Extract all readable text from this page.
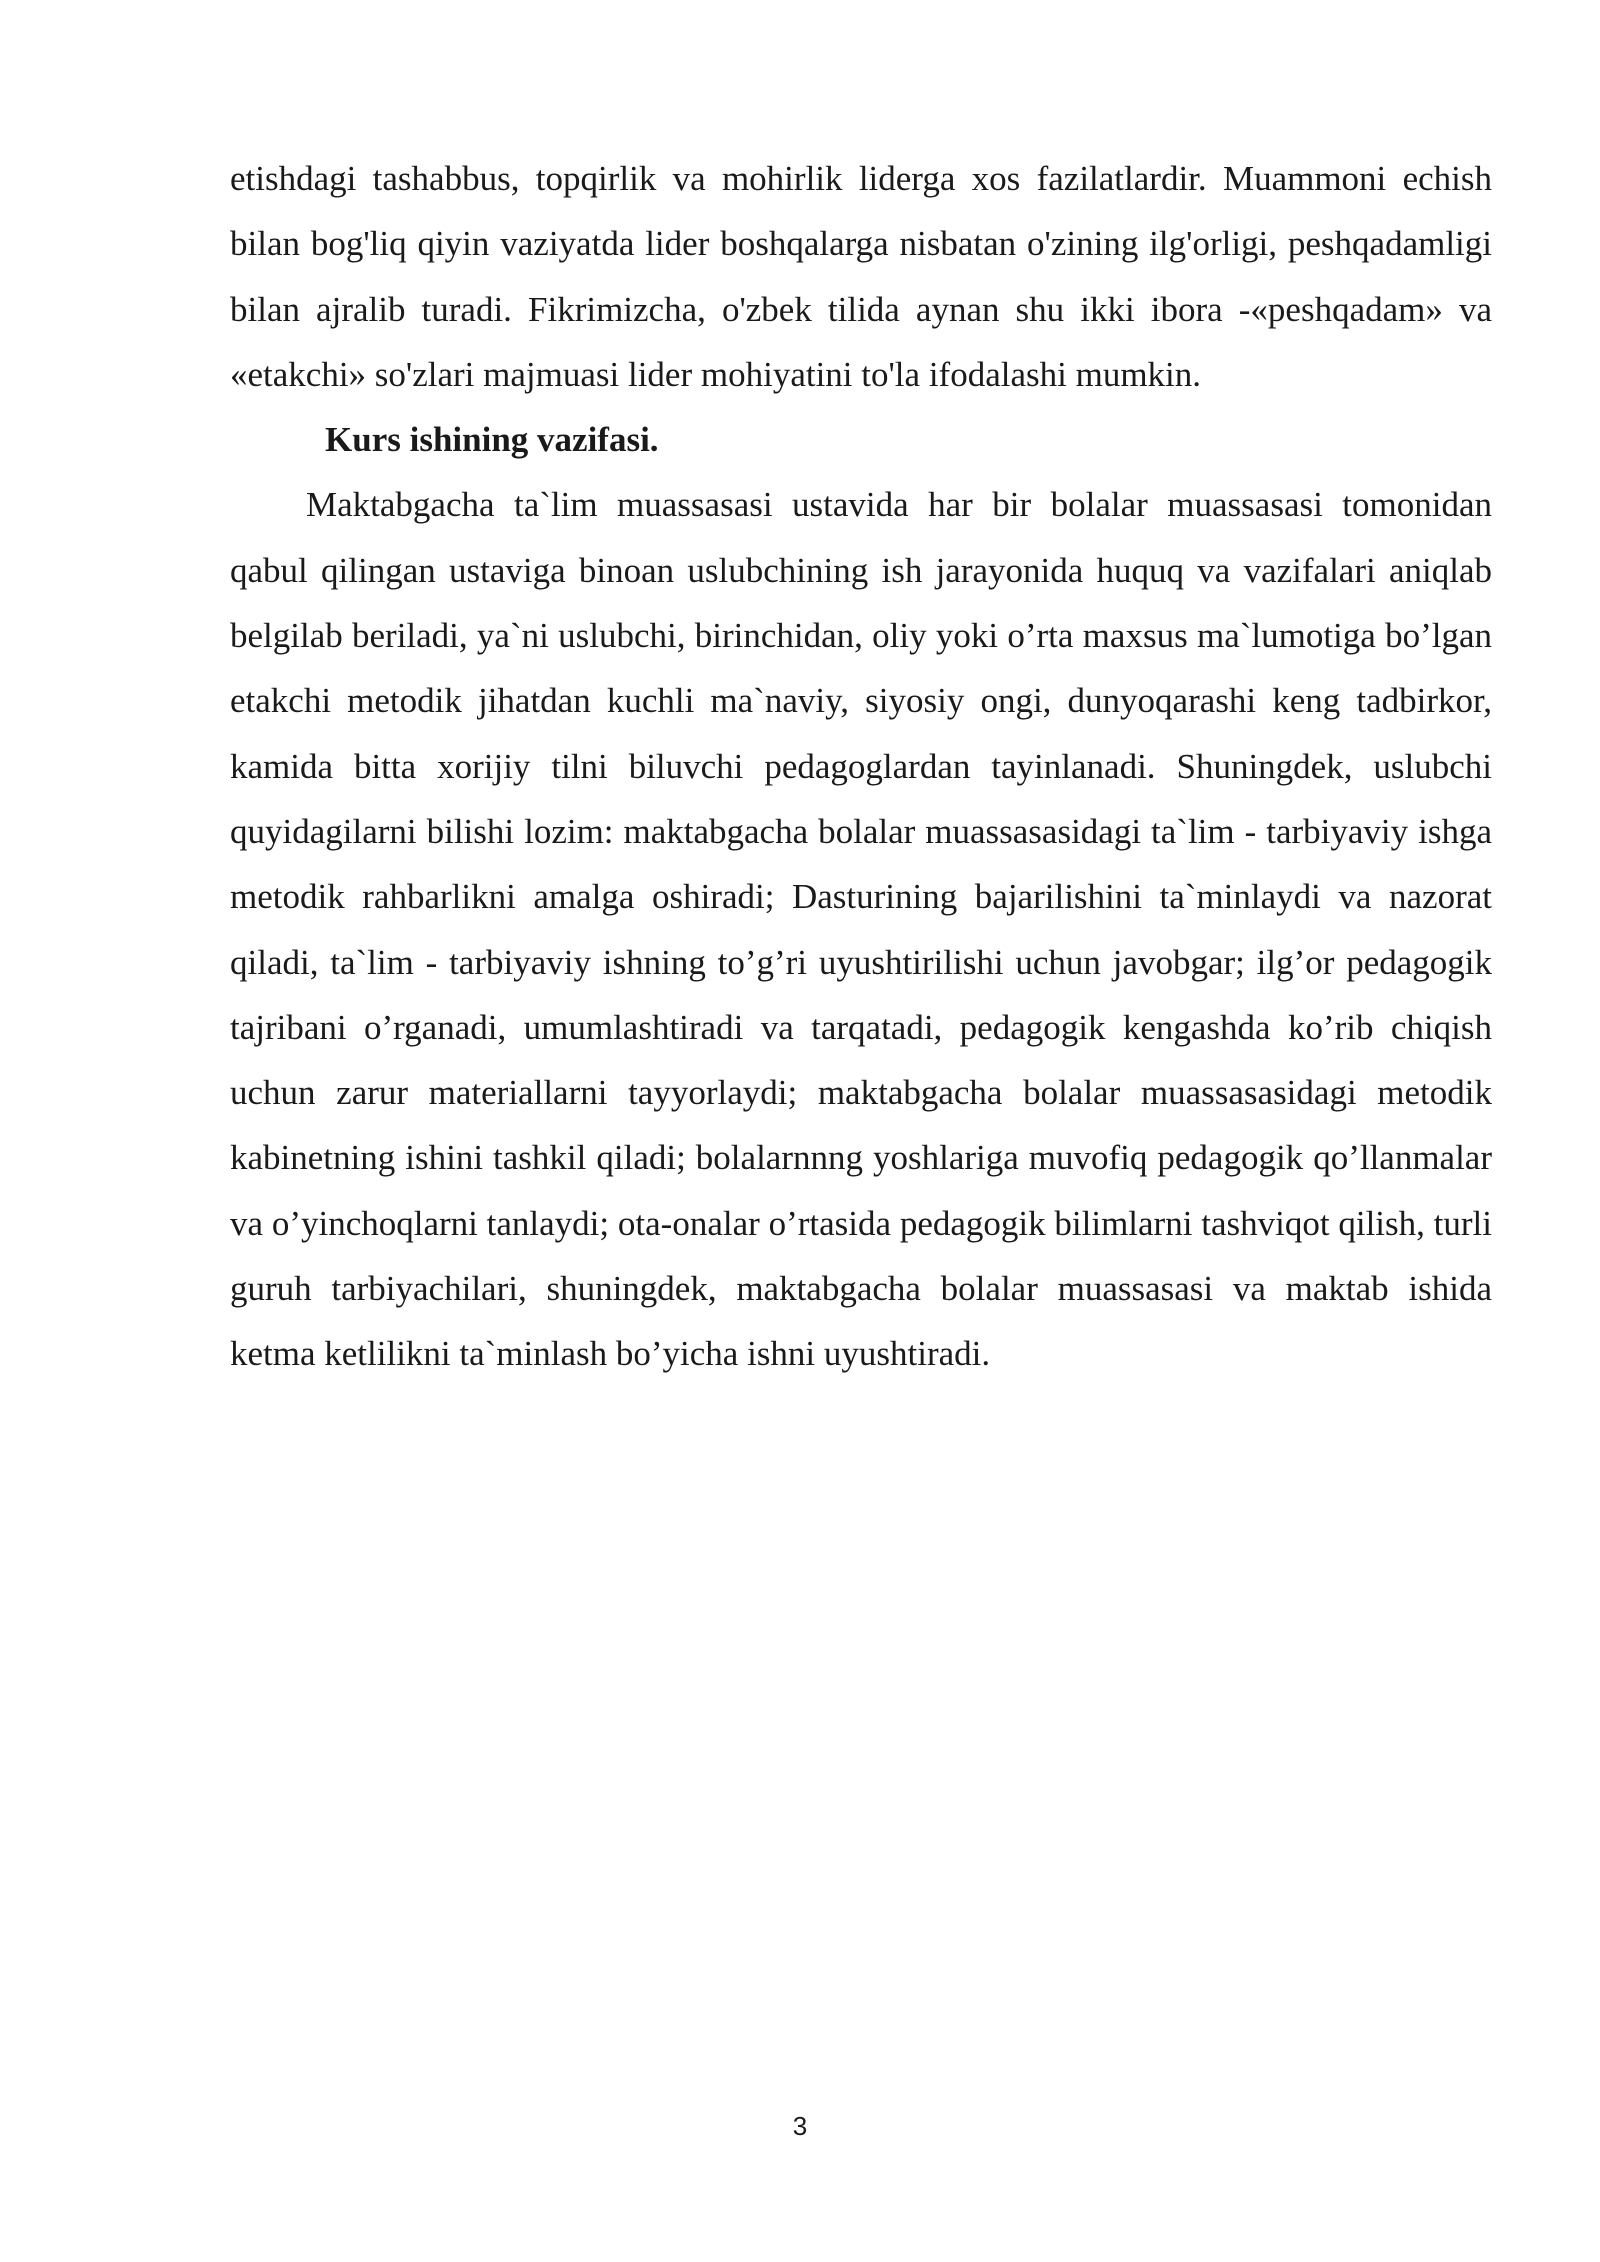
etishdagi tashabbus, topqirlik va mohirlik liderga xos fazilatlardir. Muammoni echish bilan bog'liq qiyin vaziyatda lider boshqalarga nisbatan o'zining ilg'orligi, peshqadamligi bilan ajralib turadi. Fikrimizcha, o'zbek tilida aynan shu ikki ibora -«peshqadam» va «etakchi» so'zlari majmuasi lider mohiyatini to'la ifodalashi mumkin.

Kurs ishining vazifasi.

Maktabgacha ta`lim muassasasi ustavida har bir bolalar muassasasi tomonidan qabul qilingan ustaviga binoan uslubchining ish jarayonida huquq va vazifalari aniqlab belgilab beriladi, ya`ni uslubchi, birinchidan, oliy yoki o’rta maxsus ma`lumotiga bo’lgan etakchi metodik jihatdan kuchli ma`naviy, siyosiy ongi, dunyoqarashi keng tadbirkor, kamida bitta xorijiy tilni biluvchi pedagoglardan tayinlanadi. Shuningdek, uslubchi quyidagilarni bilishi lozim: maktabgacha bolalar muassasasidagi ta`lim - tarbiyaviy ishga metodik rahbarlikni amalga oshiradi; Dasturining bajarilishini ta`minlaydi va nazorat qiladi, ta`lim - tarbiyaviy ishning to’g’ri uyushtirilishi uchun javobgar; ilg’or pedagogik tajribani o’rganadi, umumlashtiradi va tarqatadi, pedagogik kengashda ko’rib chiqish uchun zarur materiallarni tayyorlaydi; maktabgacha bolalar muassasasidagi metodik kabinetning ishini tashkil qiladi; bolalarnnng yoshlariga muvofiq pedagogik qo’llanmalar va o’yinchoqlarni tanlaydi; ota-onalar o’rtasida pedagogik bilimlarni tashviqot qilish, turli guruh tarbiyachilari, shuningdek, maktabgacha bolalar muassasasi va maktab ishida ketma ketlilikni ta`minlash bo’yicha ishni uyushtiradi.

3
